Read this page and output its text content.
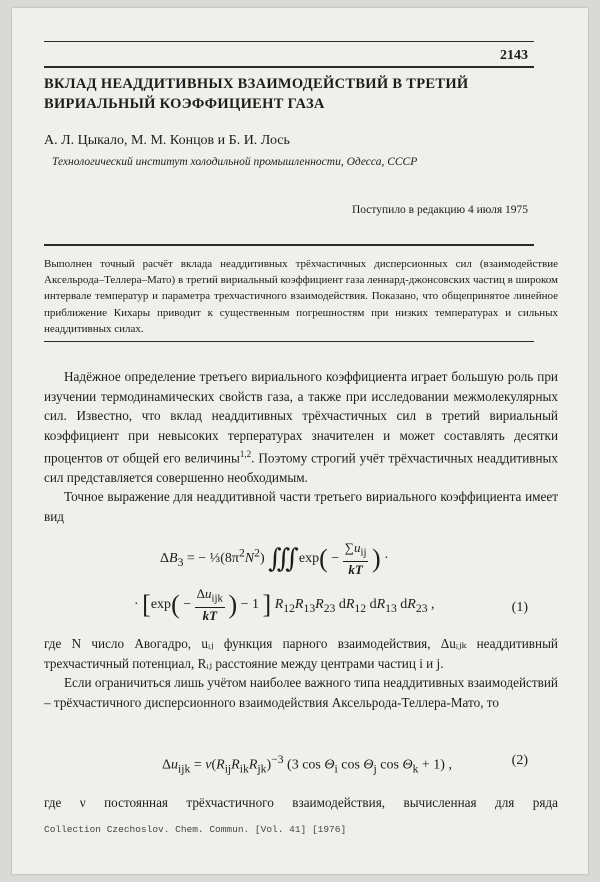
2143
ВКЛАД НЕАДДИТИВНЫХ ВЗАИМОДЕЙСТВИЙ В ТРЕТИЙ ВИРИАЛЬНЫЙ КОЭФФИЦИЕНТ ГАЗА
А. Л. Цыкало, М. М. Концов и Б. И. Лось
Технологический институт холодильной промышленности, Одесса, СССР
Поступило в редакцию 4 июля 1975
Выполнен точный расчёт вклада неаддитивных трёхчастичных дисперсионных сил (взаимодействие Аксельрода–Теллера–Мато) в третий вириальный коэффициент газа леннард-джонсовских частиц в широком интервале температур и параметра трехчастичного взаимодействия. Показано, что общепринятое линейное приближение Кихары приводит к существенным погрешностям при низких температурах и сильных неаддитивных силах.

Надёжное определение третьего вириального коэффициента играет большую роль при изучении термодинамических свойств газа, а также при исследовании межмолекулярных сил. Известно, что вклад неаддитивных трёхчастичных сил в третий вириальный коэффициент при невысоких терпературах значителен и может составлять десятки процентов от общей его величины$^{1,2}$. Поэтому строгий учёт трёхчастичных неаддитивных сил представляется совершенно необходимым.

Точное выражение для неаддитивной части третьего вириального коэффициента имеет вид

$\Delta B_3$ = − $\frac{1}{3}(8\pi^2N^2)$ ∭exp( − $\frac{\sum u_{ij}}{kT}$ ) ·
· [$\exp( - \frac{\Delta u_{ijk}}{kT}$ ) − 1 ] $R_{12}R_{13}R_{23}$ $dR_{12}$ $dR_{13}$ $dR_{23}$ ,	(1)

где N число Авогадро, uᵢⱼ функция парного взаимодействия, Δuᵢⱼₖ неаддитивный трехчастичный потенциал, Rᵢⱼ расстояние между центрами частиц i и j.

Если ограничиться лишь учётом наиболее важного типа неаддитивных взаимодействий – трёхчастичного дисперсионного взаимодействия Аксельрода-Теллера-Мато, то

$\Delta u_{ijk} = \nu(R_{ij}R_{ik}R_{jk})^{-3}$ (3 $\cos \Theta_i$ $\cos \Theta_j$ $\cos \Theta_k + 1$) ,	(2)
где ν постоянная трёхчастичного взаимодействия, вычисленная для ряда
Collection Czechoslov. Chem. Commun. [Vol. 41] [1976]
